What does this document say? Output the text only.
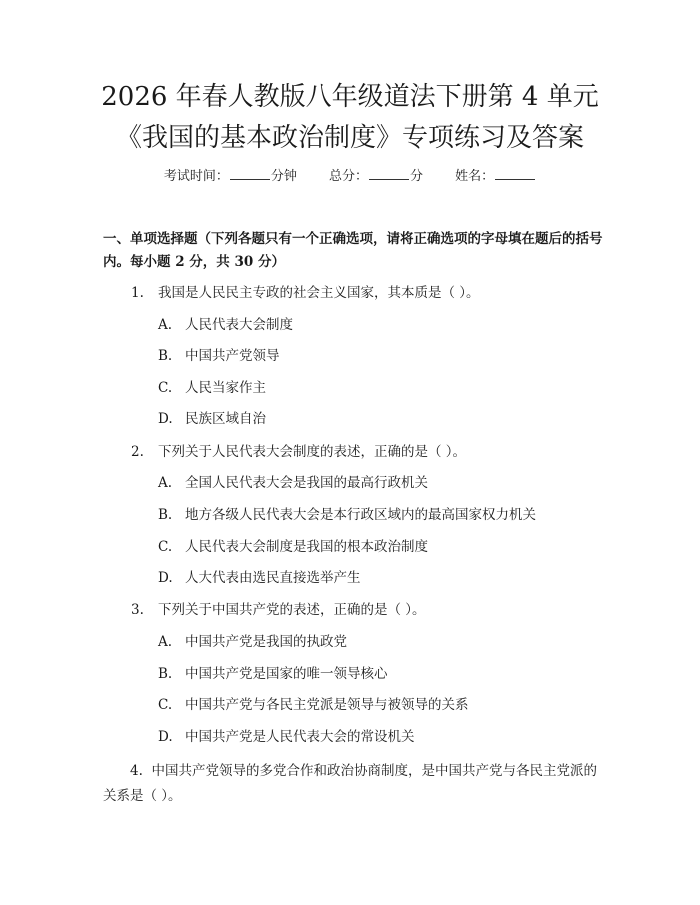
2026 年春人教版八年级道法下册第 4 单元
《我国的基本政治制度》专项练习及答案
考试时间：	分钟 总分：	分 姓名：
一、单项选择题（下列各题只有一个正确选项，请将正确选项的字母填在题后的括号内。每小题 2 分，共 30 分）
1. 我国是人民民主专政的社会主义国家，其本质是（ ）。
A. 人民代表大会制度
B. 中国共产党领导
C. 人民当家作主
D. 民族区域自治
2. 下列关于人民代表大会制度的表述，正确的是（ ）。
A. 全国人民代表大会是我国的最高行政机关
B. 地方各级人民代表大会是本行政区域内的最高国家权力机关
C. 人民代表大会制度是我国的根本政治制度
D. 人大代表由选民直接选举产生
3. 下列关于中国共产党的表述，正确的是（ ）。
A. 中国共产党是我国的执政党
B. 中国共产党是国家的唯一领导核心
C. 中国共产党与各民主党派是领导与被领导的关系
D. 中国共产党是人民代表大会的常设机关
4. 中国共产党领导的多党合作和政治协商制度，是中国共产党与各民主党派的关系是（ ）。
